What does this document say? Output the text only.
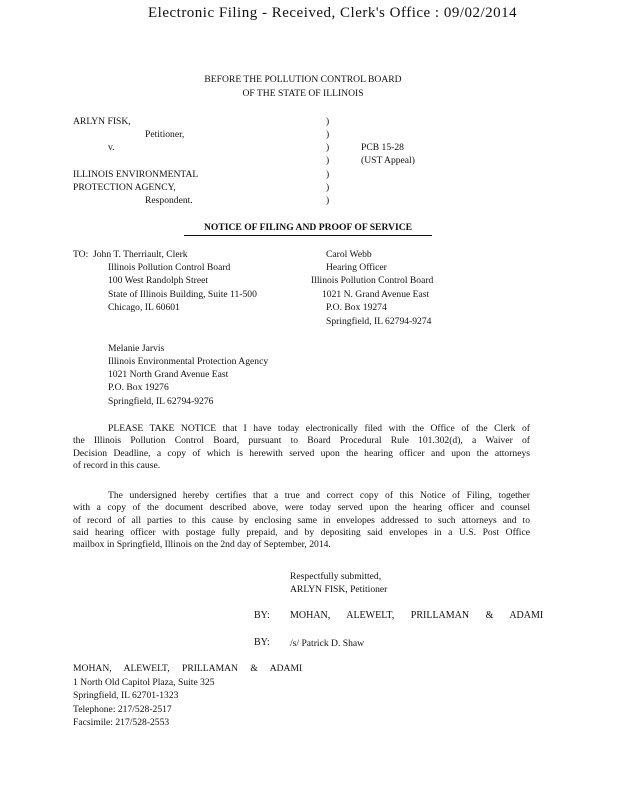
Electronic Filing - Received, Clerk's Office : 09/02/2014
BEFORE THE POLLUTION CONTROL BOARD
OF THE STATE OF ILLINOIS
ARLYN FISK,
Petitioner,
v.
ILLINOIS ENVIRONMENTAL
PROTECTION AGENCY,
Respondent.
)
)
)
)
)
)
)
PCB 15-28
(UST Appeal)
NOTICE OF FILING AND PROOF OF SERVICE
TO: John T. Therriault, Clerk
Illinois Pollution Control Board
100 West Randolph Street
State of Illinois Building, Suite 11-500
Chicago, IL 60601
Carol Webb
Hearing Officer
Illinois Pollution Control Board
1021 N. Grand Avenue East
P.O. Box 19274
Springfield, IL 62794-9274
Melanie Jarvis
Illinois Environmental Protection Agency
1021 North Grand Avenue East
P.O. Box 19276
Springfield, IL 62794-9276

PLEASE TAKE NOTICE that I have today electronically filed with the Office of the Clerk of

the Illinois Pollution Control Board, pursuant to Board Procedural Rule 101.302(d), a Waiver of

Decision Deadline, a copy of which is herewith served upon the hearing officer and upon the attorneys

of record in this cause.

The undersigned hereby certifies that a true and correct copy of this Notice of Filing, together

with a copy of the document described above, were today served upon the hearing officer and counsel

of record of all parties to this cause by enclosing same in envelopes addressed to such attorneys and to

said hearing officer with postage fully prepaid, and by depositing said envelopes in a U.S. Post Office

mailbox in Springfield, Illinois on the 2nd day of September, 2014.

Respectfully submitted,
ARLYN FISK, Petitioner
BY: MOHAN, ALEWELT, PRILLAMAN & ADAMI
BY: /s/ Patrick D. Shaw
MOHAN, ALEWELT, PRILLAMAN & ADAMI
1 North Old Capitol Plaza, Suite 325
Springfield, IL 62701-1323
Telephone: 217/528-2517
Facsimile: 217/528-2553
